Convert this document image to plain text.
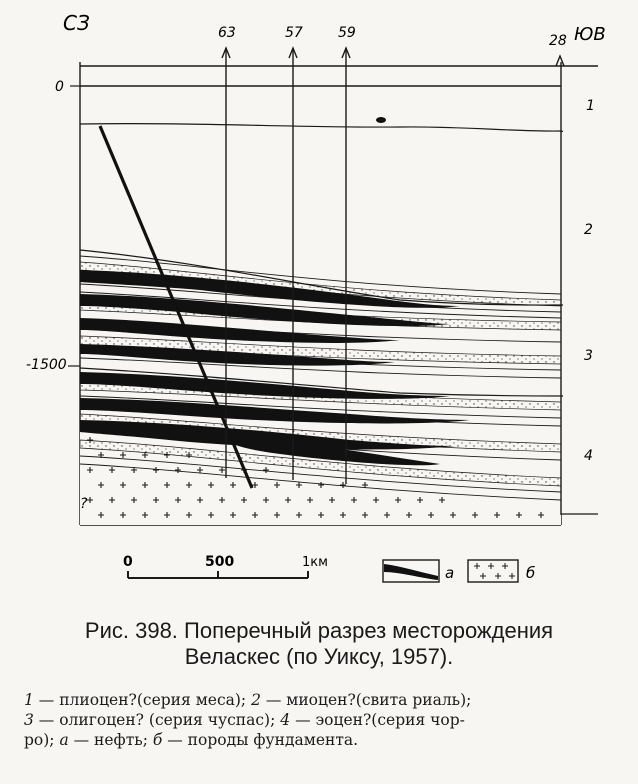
СЗ	ЮВ
63	57	59	28
0
-1500
1
2
3
4
?
0	500	1км
а	б
Рис. 398. Поперечный разрез месторождения
Веласкес (по Уиксу, 1957).
1 — плиоцен?(серия меса); 2 — миоцен?(свита риаль);
3 — олигоцен? (серия чуспас); 4 — эоцен?(серия чор-
ро); а — нефть; б — породы фундамента.
